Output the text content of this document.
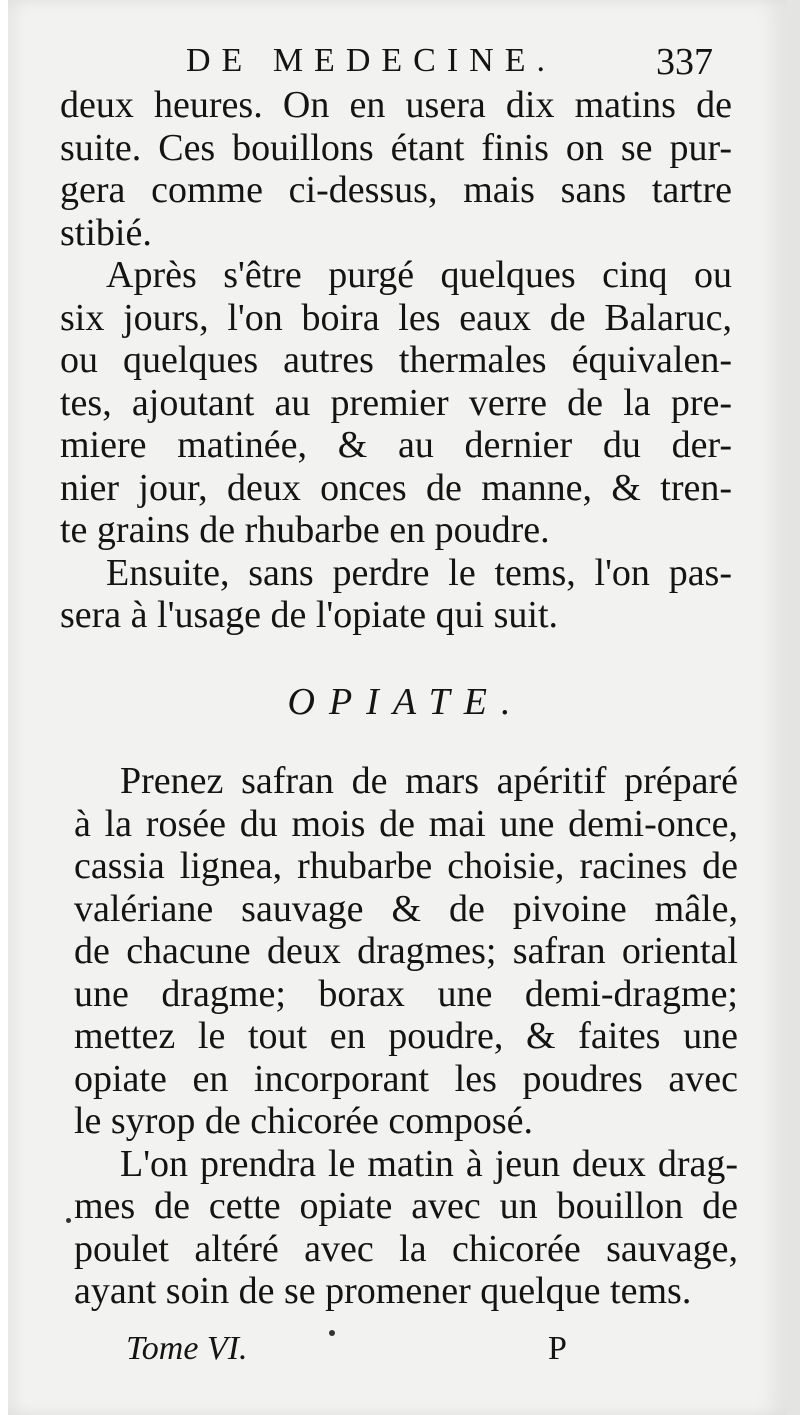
DE MEDECINE.	337
deux heures. On en usera dix matins de
suite. Ces bouillons étant finis on se pur-
gera comme ci-dessus, mais sans tartre
stibié.
Après s'être purgé quelques cinq ou
six jours, l'on boira les eaux de Balaruc,
ou quelques autres thermales équivalen-
tes, ajoutant au premier verre de la pre-
miere matinée, & au dernier du der-
nier jour, deux onces de manne, & tren-
te grains de rhubarbe en poudre.
Ensuite, sans perdre le tems, l'on pas-
sera à l'usage de l'opiate qui suit.
OPIATE.
Prenez safran de mars apéritif préparé
à la rosée du mois de mai une demi-once,
cassia lignea, rhubarbe choisie, racines de
valériane sauvage & de pivoine mâle,
de chacune deux dragmes; safran oriental
une dragme; borax une demi-dragme;
mettez le tout en poudre, & faites une
opiate en incorporant les poudres avec
le syrop de chicorée composé.
L'on prendra le matin à jeun deux drag-
mes de cette opiate avec un bouillon de
poulet altéré avec la chicorée sauvage,
ayant soin de se promener quelque tems.
Tome VI.	P
